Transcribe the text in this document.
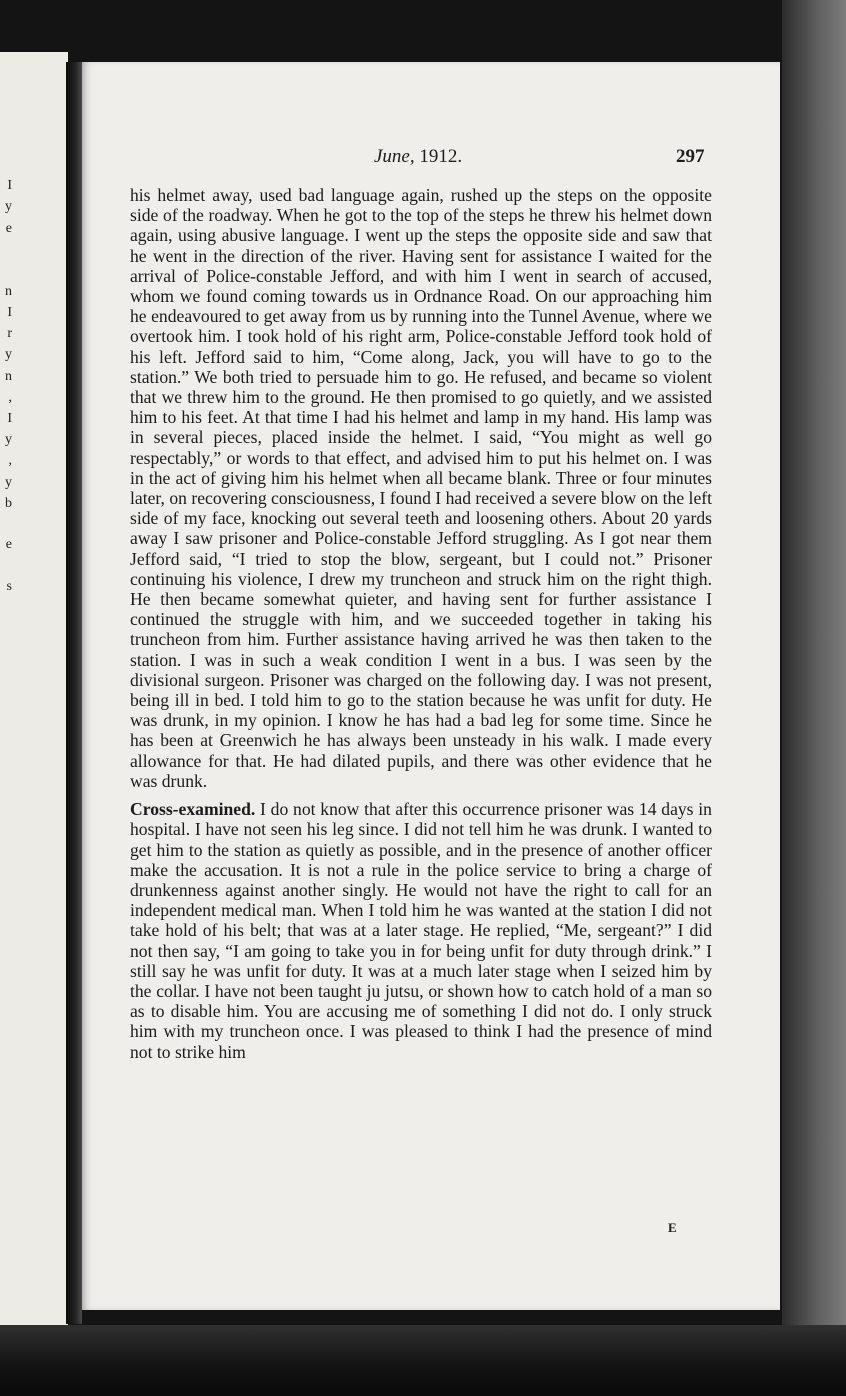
I
y
e
n
I
r
y
n
,
I
y
,
y
b
e
s
June, 1912.	297

his helmet away, used bad language again, rushed up the steps on the opposite side of the roadway. When he got to the top of the steps he threw his helmet down again, using abusive language. I went up the steps the opposite side and saw that he went in the direction of the river. Having sent for assistance I waited for the arrival of Police-constable Jefford, and with him I went in search of accused, whom we found coming towards us in Ordnance Road. On our approaching him he endeavoured to get away from us by running into the Tunnel Avenue, where we overtook him. I took hold of his right arm, Police-constable Jefford took hold of his left. Jefford said to him, “Come along, Jack, you will have to go to the station.” We both tried to persuade him to go. He refused, and became so violent that we threw him to the ground. He then promised to go quietly, and we assisted him to his feet. At that time I had his helmet and lamp in my hand. His lamp was in several pieces, placed inside the helmet. I said, “You might as well go respectably,” or words to that effect, and advised him to put his helmet on. I was in the act of giving him his helmet when all became blank. Three or four minutes later, on recovering consciousness, I found I had received a severe blow on the left side of my face, knocking out several teeth and loosening others. About 20 yards away I saw prisoner and Police-constable Jefford struggling. As I got near them Jefford said, “I tried to stop the blow, sergeant, but I could not.” Prisoner continuing his violence, I drew my truncheon and struck him on the right thigh. He then became somewhat quieter, and having sent for further assistance I continued the struggle with him, and we succeeded together in taking his truncheon from him. Further assistance having arrived he was then taken to the station. I was in such a weak condition I went in a bus. I was seen by the divisional surgeon. Prisoner was charged on the following day. I was not present, being ill in bed. I told him to go to the station because he was unfit for duty. He was drunk, in my opinion. I know he has had a bad leg for some time. Since he has been at Greenwich he has always been unsteady in his walk. I made every allowance for that. He had dilated pupils, and there was other evidence that he was drunk.

Cross-examined. I do not know that after this occurrence prisoner was 14 days in hospital. I have not seen his leg since. I did not tell him he was drunk. I wanted to get him to the station as quietly as possible, and in the presence of another officer make the accusation. It is not a rule in the police service to bring a charge of drunkenness against another singly. He would not have the right to call for an independent medical man. When I told him he was wanted at the station I did not take hold of his belt; that was at a later stage. He replied, “Me, sergeant?” I did not then say, “I am going to take you in for being unfit for duty through drink.” I still say he was unfit for duty. It was at a much later stage when I seized him by the collar. I have not been taught ju jutsu, or shown how to catch hold of a man so as to disable him. You are accusing me of something I did not do. I only struck him with my truncheon once. I was pleased to think I had the presence of mind not to strike him

E
